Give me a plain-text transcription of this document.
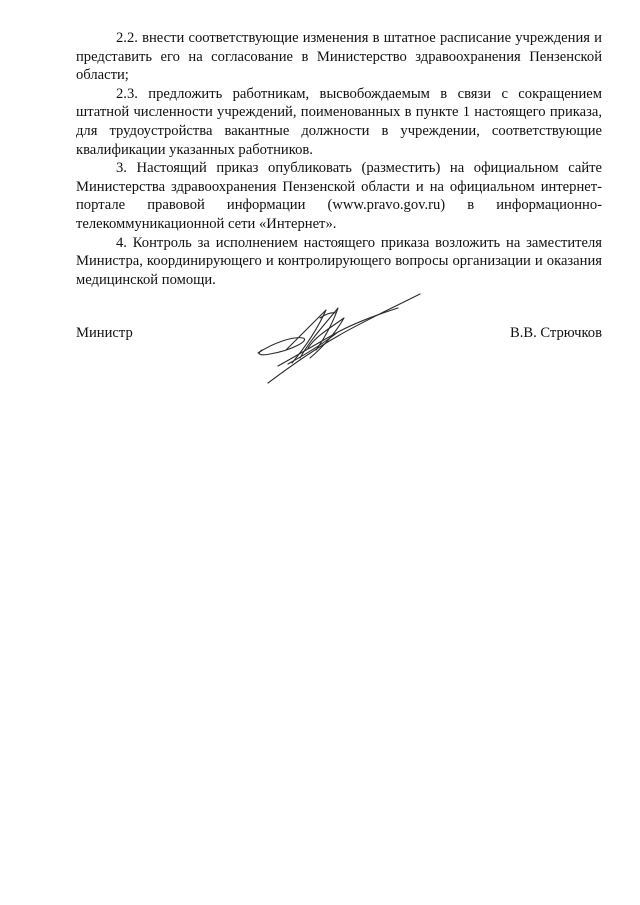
2.2. внести соответствующие изменения в штатное расписание учреждения и представить его на согласование в Министерство здравоохранения Пензенской области;

2.3. предложить работникам, высвобождаемым в связи с сокращением штатной численности учреждений, поименованных в пункте 1 настоящего приказа, для трудоустройства вакантные должности в учреждении, соответствующие квалификации указанных работников.

3. Настоящий приказ опубликовать (разместить) на официальном сайте Министерства здравоохранения Пензенской области и на официальном интернет-портале правовой информации (www.pravo.gov.ru) в информационно-телекоммуникационной сети «Интернет».

4. Контроль за исполнением настоящего приказа возложить на заместителя Министра, координирующего и контролирующего вопросы организации и оказания медицинской помощи.

Министр	В.В. Стрючков
